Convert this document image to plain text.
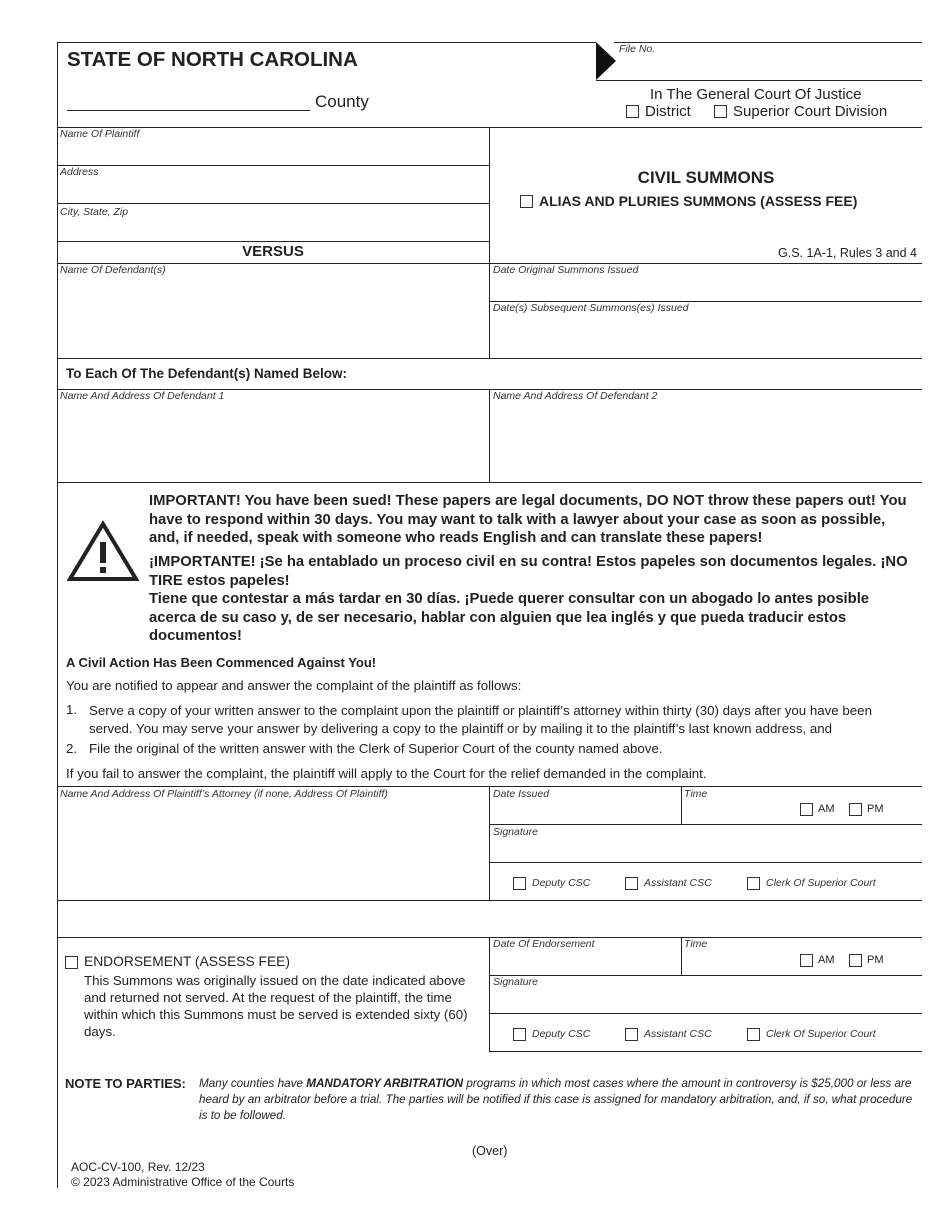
STATE OF NORTH CAROLINA
County
File No.
In The General Court Of Justice
District	Superior Court Division
Name Of Plaintiff
Address
City, State, Zip
VERSUS
Name Of Defendant(s)
CIVIL SUMMONS
ALIAS AND PLURIES SUMMONS (ASSESS FEE)
G.S. 1A-1, Rules 3 and 4
Date Original Summons Issued
Date(s) Subsequent Summons(es) Issued
To Each Of The Defendant(s) Named Below:
Name And Address Of Defendant 1	Name And Address Of Defendant 2
IMPORTANT! You have been sued! These papers are legal documents, DO NOT throw these papers out! You have to respond within 30 days. You may want to talk with a lawyer about your case as soon as possible, and, if needed, speak with someone who reads English and can translate these papers!
¡IMPORTANTE! ¡Se ha entablado un proceso civil en su contra! Estos papeles son documentos legales. ¡NO TIRE estos papeles!
Tiene que contestar a más tardar en 30 días. ¡Puede querer consultar con un abogado lo antes posible acerca de su caso y, de ser necesario, hablar con alguien que lea inglés y que pueda traducir estos documentos!
A Civil Action Has Been Commenced Against You!
You are notified to appear and answer the complaint of the plaintiff as follows:
1. Serve a copy of your written answer to the complaint upon the plaintiff or plaintiff’s attorney within thirty (30) days after you have been served. You may serve your answer by delivering a copy to the plaintiff or by mailing it to the plaintiff’s last known address, and
2. File the original of the written answer with the Clerk of Superior Court of the county named above.
If you fail to answer the complaint, the plaintiff will apply to the Court for the relief demanded in the complaint.
Name And Address Of Plaintiff’s Attorney (if none, Address Of Plaintiff)	Date Issued	Time
AM	PM
Signature
Deputy CSC	Assistant CSC	Clerk Of Superior Court
ENDORSEMENT (ASSESS FEE)
This Summons was originally issued on the date indicated above and returned not served. At the request of the plaintiff, the time within which this Summons must be served is extended sixty (60) days.
Date Of Endorsement	Time
AM	PM
Signature
Deputy CSC	Assistant CSC	Clerk Of Superior Court
NOTE TO PARTIES: Many counties have MANDATORY ARBITRATION programs in which most cases where the amount in controversy is $25,000 or less are heard by an arbitrator before a trial. The parties will be notified if this case is assigned for mandatory arbitration, and, if so, what procedure is to be followed.
(Over)
AOC-CV-100, Rev. 12/23
© 2023 Administrative Office of the Courts
